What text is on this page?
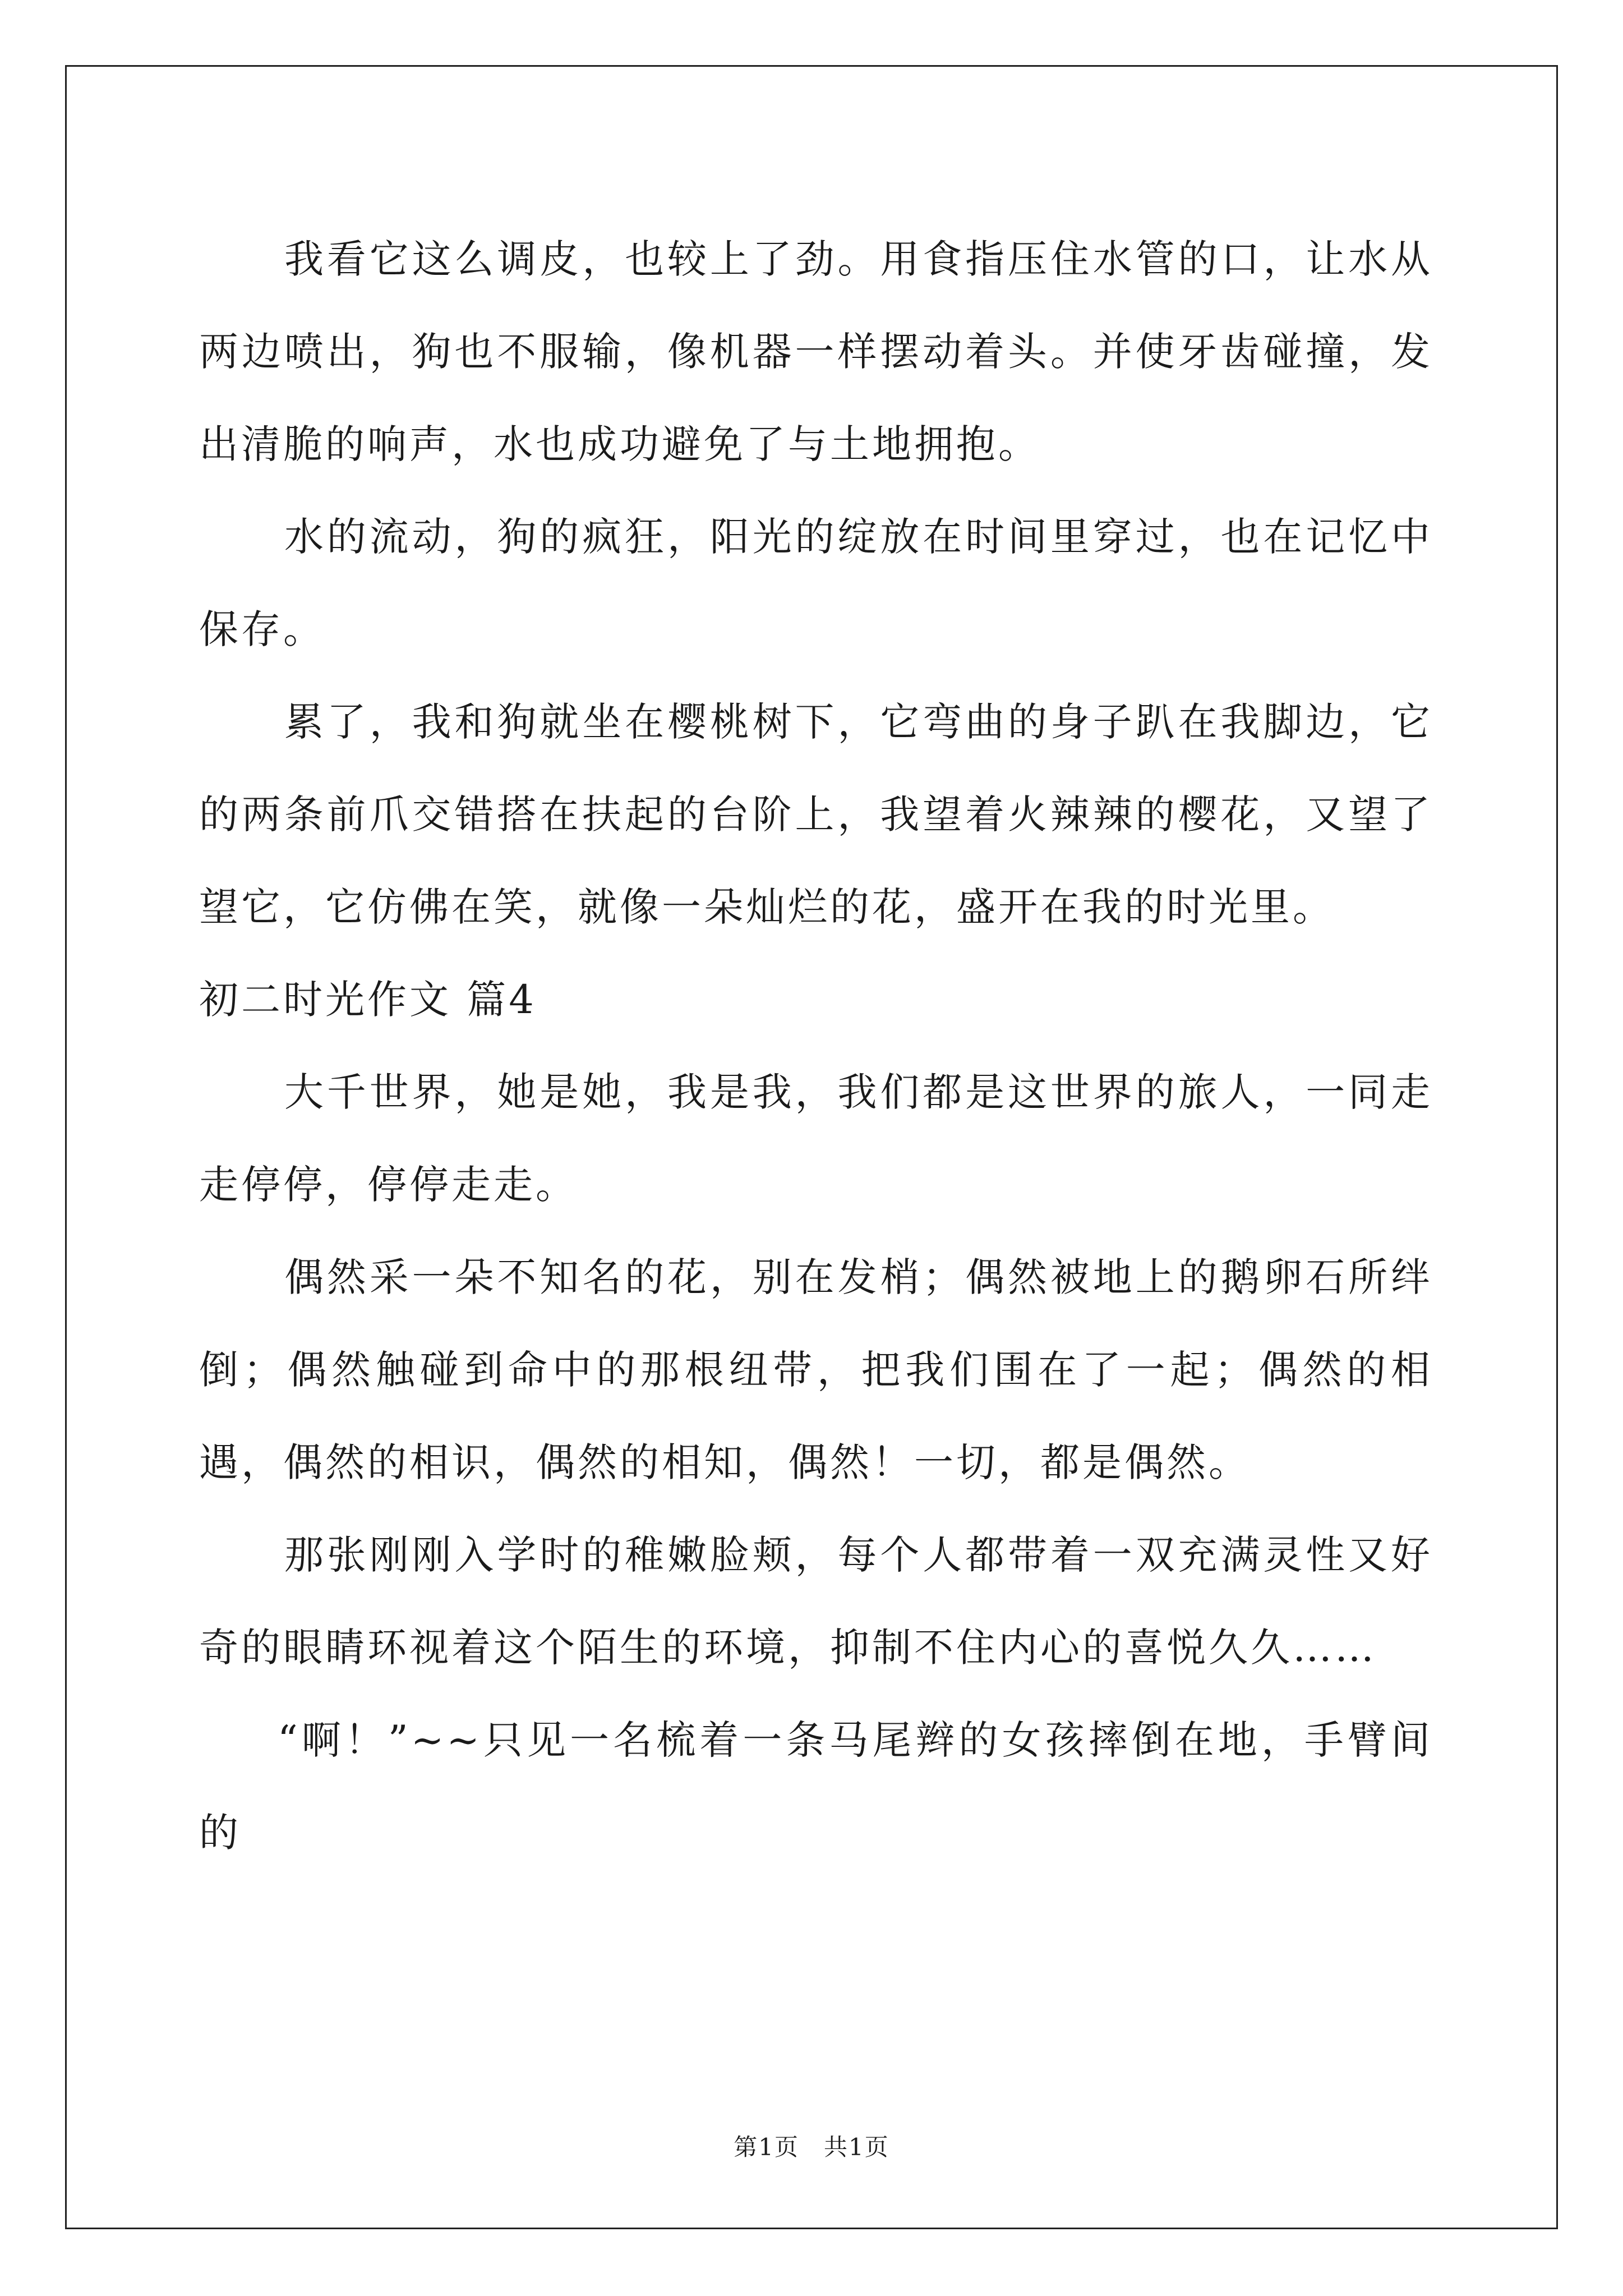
我看它这么调皮，也较上了劲。用食指压住水管的口，让水从两边喷出，狗也不服输，像机器一样摆动着头。并使牙齿碰撞，发出清脆的响声，水也成功避免了与土地拥抱。

水的流动，狗的疯狂，阳光的绽放在时间里穿过，也在记忆中保存。

累了，我和狗就坐在樱桃树下，它弯曲的身子趴在我脚边，它的两条前爪交错搭在扶起的台阶上，我望着火辣辣的樱花，又望了望它，它仿佛在笑，就像一朵灿烂的花，盛开在我的时光里。

初二时光作文 篇4

大千世界，她是她，我是我，我们都是这世界的旅人，一同走走停停，停停走走。

偶然采一朵不知名的花，别在发梢；偶然被地上的鹅卵石所绊倒；偶然触碰到命中的那根纽带，把我们围在了一起；偶然的相遇，偶然的相识，偶然的相知，偶然！一切，都是偶然。

那张刚刚入学时的稚嫩脸颊，每个人都带着一双充满灵性又好奇的眼睛环视着这个陌生的环境，抑制不住内心的喜悦久久……

“啊！”~~只见一名梳着一条马尾辫的女孩摔倒在地，手臂间的

第1页　共1页
